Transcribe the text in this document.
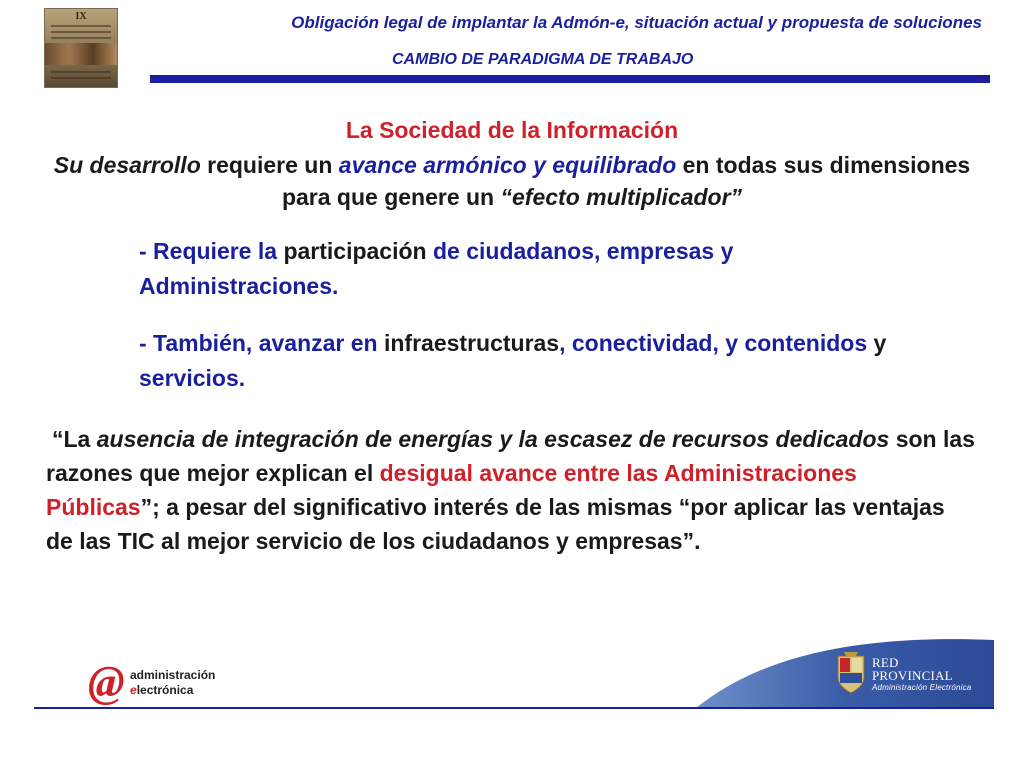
IX	Obligación legal de implantar la Admón-e, situación actual y propuesta de soluciones

CAMBIO DE PARADIGMA DE TRABAJO

La Sociedad de la Información

Su desarrollo requiere un avance armónico y equilibrado en todas sus dimensiones para que genere un “efecto multiplicador”

- Requiere la participación de ciudadanos, empresas y Administraciones.

- También, avanzar en infraestructuras, conectividad, y contenidos y servicios.

“La ausencia de integración de energías y la escasez de recursos dedicados son las razones que mejor explican el desigual avance entre las Administraciones Públicas”; a pesar del significativo interés de las mismas “por aplicar las ventajas de las TIC al mejor servicio de los ciudadanos y empresas”.

@ administración
electrónica

RED
PROVINCIAL
Administración Electrónica
